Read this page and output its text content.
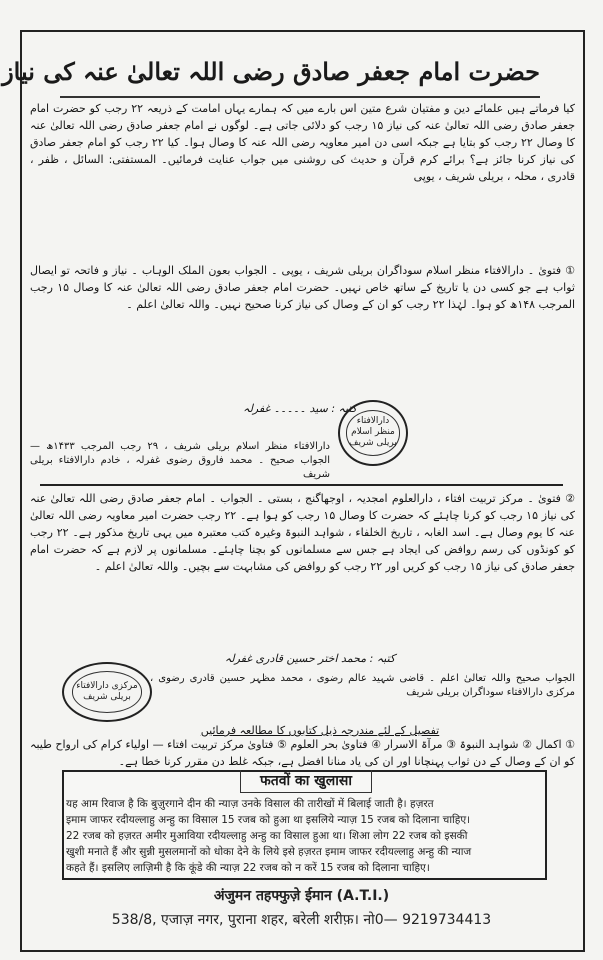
حضرت امام جعفر صادق رضی اللہ تعالیٰ عنہ کی نیاز
کیا فرماتے ہیں علمائے دین و مفتیان شرع متین اس بارے میں کہ ہمارے یہاں امامت کے ذریعہ ۲۲ رجب کو حضرت امام جعفر صادق رضی اللہ تعالیٰ عنہ کی نیاز ۱۵ رجب کو دلائی جاتی ہے۔ لوگوں نے امام جعفر صادق رضی اللہ تعالیٰ عنہ کا وصال ۲۲ رجب کو بتایا ہے جبکہ اسی دن امیر معاویہ رضی اللہ عنہ کا وصال ہوا۔ کیا ۲۲ رجب کو امام جعفر صادق کی نیاز کرنا جائز ہے؟ برائے کرم قرآن و حدیث کی روشنی میں جواب عنایت فرمائیں۔ المستفتی: السائل ، ظفر ، قادری ، محلہ ، بریلی شریف ، یوپی
① فتویٰ ۔ دارالافتاء منظر اسلام سوداگران بریلی شریف ، یوپی ۔ الجواب بعون الملک الوہاب ۔ نیاز و فاتحہ تو ایصال ثواب ہے جو کسی دن یا تاریخ کے ساتھ خاص نہیں۔ حضرت امام جعفر صادق رضی اللہ تعالیٰ عنہ کا وصال ۱۵ رجب المرجب ۱۴۸ھ کو ہوا۔ لہٰذا ۲۲ رجب کو ان کے وصال کی نیاز کرنا صحیح نہیں۔ واللہ تعالیٰ اعلم ۔
کتبہ : سید ۔۔۔۔۔ غفرلہ
دارالافتاء منظر اسلام بریلی شریف
دارالافتاء منظر اسلام بریلی شریف ، ۲۹ رجب المرجب ۱۴۳۳ھ — الجواب صحیح ۔ محمد فاروق رضوی غفرلہ ، خادم دارالافتاء بریلی شریف
② فتویٰ ۔ مرکز تربیت افتاء ، دارالعلوم امجدیہ ، اوجھاگنج ، بستی ۔ الجواب ۔ امام جعفر صادق رضی اللہ تعالیٰ عنہ کی نیاز ۱۵ رجب کو کرنا چاہئے کہ حضرت کا وصال ۱۵ رجب کو ہوا ہے۔ ۲۲ رجب حضرت امیر معاویہ رضی اللہ تعالیٰ عنہ کا یوم وصال ہے۔ اسد الغابہ ، تاریخ الخلفاء ، شواہد النبوۃ وغیرہ کتب معتبرہ میں یہی تاریخ مذکور ہے۔ ۲۲ رجب کو کونڈوں کی رسم روافض کی ایجاد ہے جس سے مسلمانوں کو بچنا چاہئے۔ مسلمانوں پر لازم ہے کہ حضرت امام جعفر صادق کی نیاز ۱۵ رجب کو کریں اور ۲۲ رجب کو روافض کی مشابہت سے بچیں۔ واللہ تعالیٰ اعلم ۔
کتبہ : محمد اختر حسین قادری غفرلہ
الجواب صحیح واللہ تعالیٰ اعلم ۔ قاضی شہید عالم رضوی ، محمد مظہر حسین قادری رضوی ، مرکزی دارالافتاء سوداگران بریلی شریف
مرکزی دارالافتاء بریلی شریف
تفصیل کے لئے مندرجہ ذیل کتابوں کا مطالعہ فرمائیں
① اکمال ② شواہد النبوۃ ③ مرآۃ الاسرار ④ فتاویٰ بحر العلوم ⑤ فتاویٰ مرکز تربیت افتاء — اولیاء کرام کی ارواح طیبہ کو ان کے وصال کے دن ثواب پہنچانا اور ان کی یاد منانا افضل ہے، جبکہ غلط دن مقرر کرنا خطا ہے۔
फतवों का खुलासा
यह आम रिवाज है कि बुज़ुरगाने दीन की न्याज़ उनके विसाल की तारीखों में बिलाई जाती है। हज़रत
इमाम जाफर रदीयल्लाहु अन्हु का विसाल 15 रजब को हुआ था इसलिये न्याज़ 15 रजब को दिलाना चाहिए।
22 रजब को हज़रत अमीर मुआविया रदीयल्लाहु अन्हु का विसाल हुआ था। शिआ लोग 22 रजब को इसकी
खुशी मनाते हैं और सुन्नी मुसलमानों को धोका देने के लिये इसे हज़रत इमाम जाफर रदीयल्लाहु अन्हु की न्याज
कहते हैं। इसलिए लाज़िमी है कि कूंडे की न्याज़ 22 रजब को न करें 15 रजब को दिलाना चाहिए।
अंजुमन तहफ्फुज़े ईमान (A.T.I.)
538/8, एजाज़ नगर, पुराना शहर, बरेली शरीफ़। नो0— 9219734413
